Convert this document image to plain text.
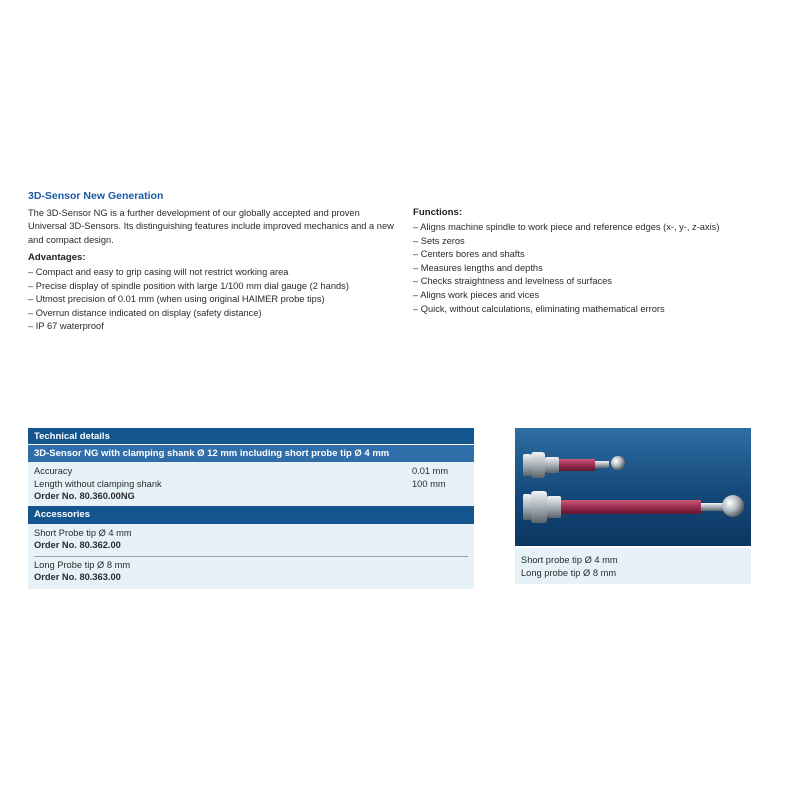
3D-Sensor New Generation
The 3D-Sensor NG is a further development of our globally accepted and proven Universal 3D-Sensors. Its distinguishing features include improved mechanics and a new and compact design.
Advantages:
– Compact and easy to grip casing will not restrict working area
– Precise display of spindle position with large 1/100 mm dial gauge (2 hands)
– Utmost precision of 0.01 mm (when using original HAIMER probe tips)
– Overrun distance indicated on display (safety distance)
– IP 67 waterproof
Functions:
– Aligns machine spindle to work piece and reference edges (x-, y-, z-axis)
– Sets zeros
– Centers bores and shafts
– Measures lengths and depths
– Checks straightness and levelness of surfaces
– Aligns work pieces and vices
– Quick, without calculations, eliminating mathematical errors
Technical details
3D-Sensor NG with clamping shank Ø 12 mm including short probe tip Ø 4 mm
Accuracy	0.01 mm
Length without clamping shank	100 mm
Order No. 80.360.00NG
Accessories
Short Probe tip Ø 4 mm
Order No. 80.362.00
Long Probe tip Ø 8 mm
Order No. 80.363.00
Short probe tip Ø 4 mm
Long probe tip Ø 8 mm
